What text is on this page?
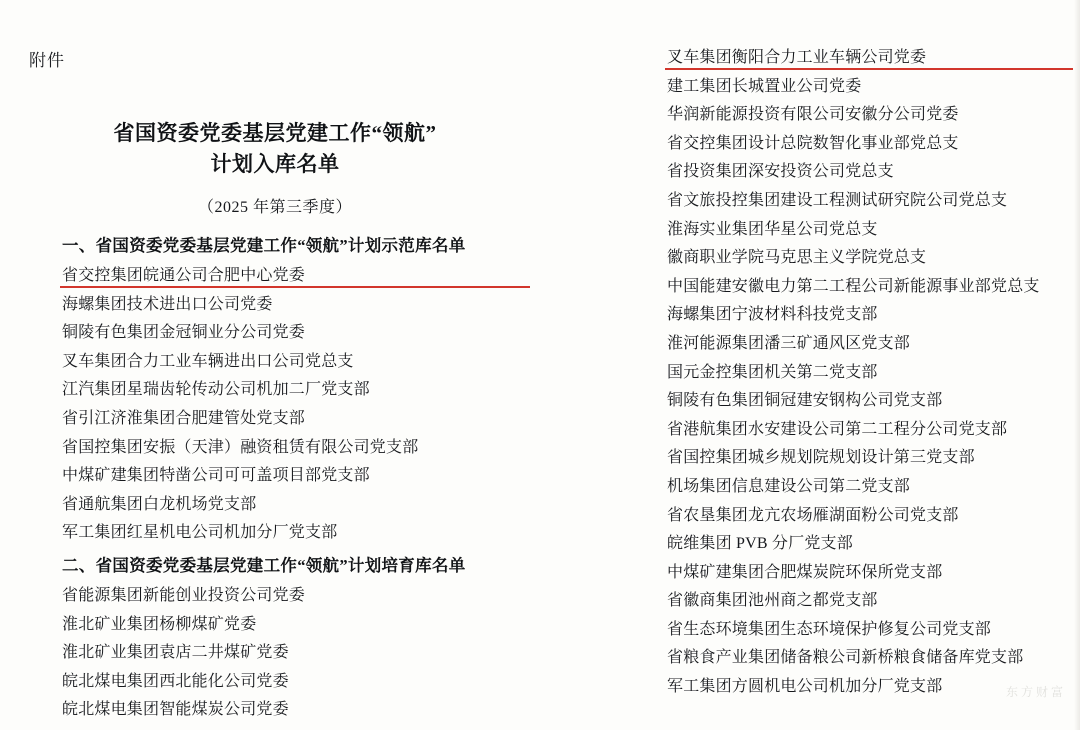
附件
省国资委党委基层党建工作“领航”
计划入库名单
（2025 年第三季度）
一、省国资委党委基层党建工作“领航”计划示范库名单
省交控集团皖通公司合肥中心党委
海螺集团技术进出口公司党委
铜陵有色集团金冠铜业分公司党委
叉车集团合力工业车辆进出口公司党总支
江汽集团星瑞齿轮传动公司机加二厂党支部
省引江济淮集团合肥建管处党支部
省国控集团安振（天津）融资租赁有限公司党支部
中煤矿建集团特凿公司可可盖项目部党支部
省通航集团白龙机场党支部
军工集团红星机电公司机加分厂党支部
二、省国资委党委基层党建工作“领航”计划培育库名单
省能源集团新能创业投资公司党委
淮北矿业集团杨柳煤矿党委
淮北矿业集团袁店二井煤矿党委
皖北煤电集团西北能化公司党委
皖北煤电集团智能煤炭公司党委
叉车集团衡阳合力工业车辆公司党委
建工集团长城置业公司党委
华润新能源投资有限公司安徽分公司党委
省交控集团设计总院数智化事业部党总支
省投资集团深安投资公司党总支
省文旅投控集团建设工程测试研究院公司党总支
淮海实业集团华星公司党总支
徽商职业学院马克思主义学院党总支
中国能建安徽电力第二工程公司新能源事业部党总支
海螺集团宁波材料科技党支部
淮河能源集团潘三矿通风区党支部
国元金控集团机关第二党支部
铜陵有色集团铜冠建安钢构公司党支部
省港航集团水安建设公司第二工程分公司党支部
省国控集团城乡规划院规划设计第三党支部
机场集团信息建设公司第二党支部
省农垦集团龙亢农场雁湖面粉公司党支部
皖维集团 PVB 分厂党支部
中煤矿建集团合肥煤炭院环保所党支部
省徽商集团池州商之都党支部
省生态环境集团生态环境保护修复公司党支部
省粮食产业集团储备粮公司新桥粮食储备库党支部
军工集团方圆机电公司机加分厂党支部	东方财富
